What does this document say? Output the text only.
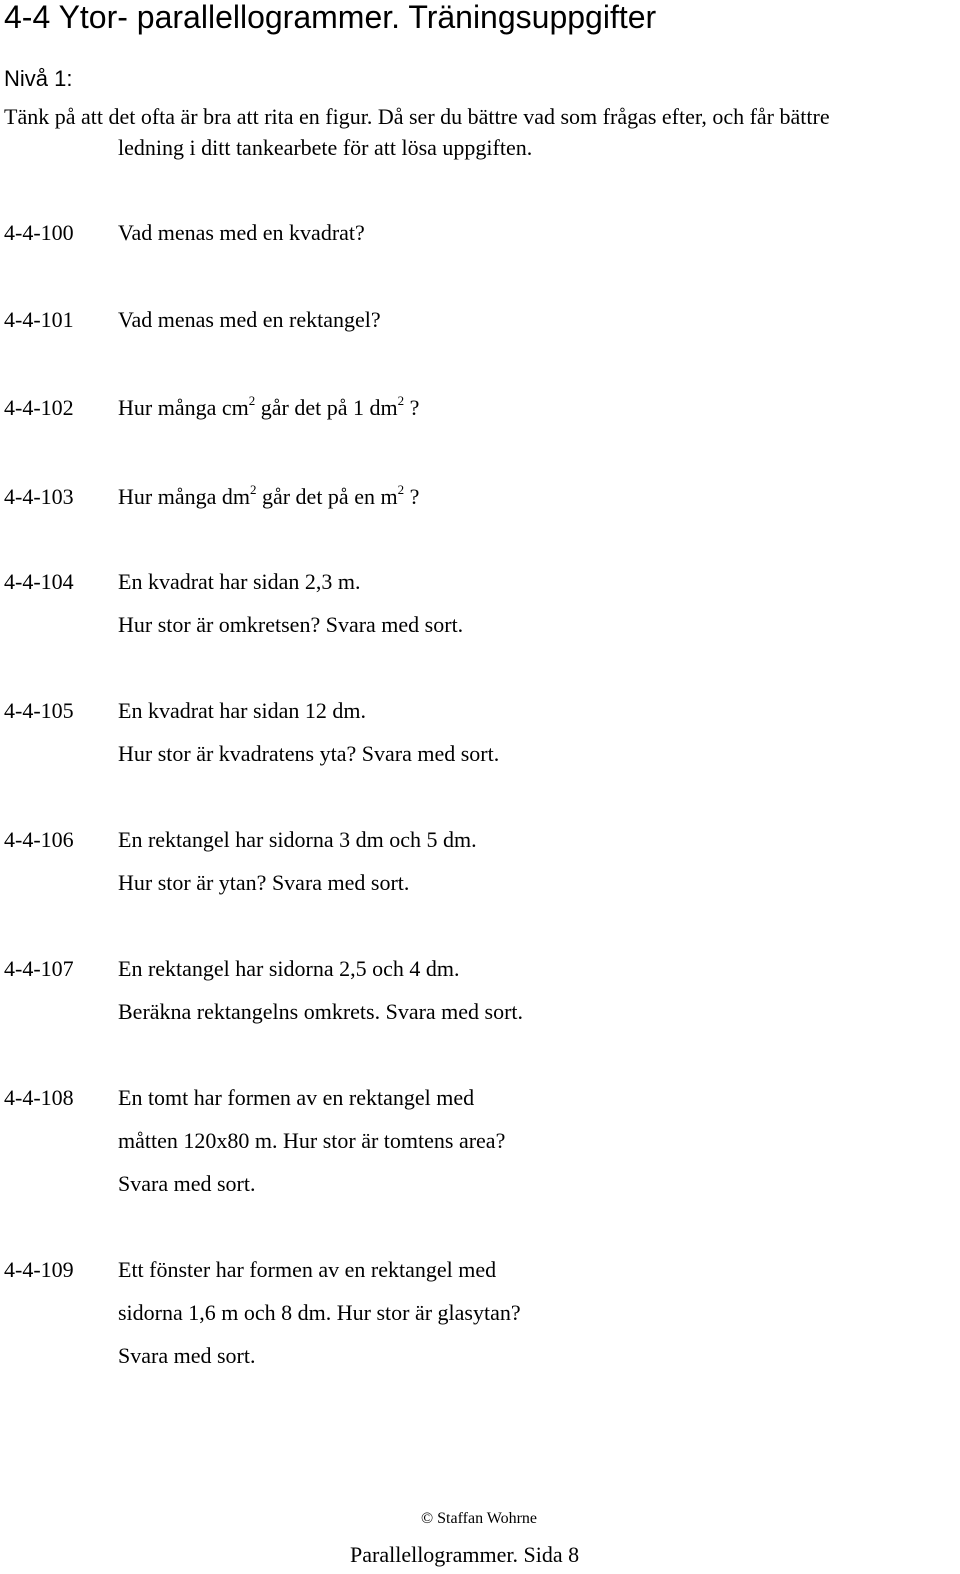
4-4 Ytor- parallellogrammer. Träningsuppgifter
Nivå 1:
Tänk på att det ofta är bra att rita en figur. Då ser du bättre vad som frågas efter, och får bättre
ledning i ditt tankearbete för att lösa uppgiften.
4-4-100 Vad menas med en kvadrat?
4-4-101 Vad menas med en rektangel?
4-4-102 Hur många $cm^2$ går det på 1 $dm^2$ ?
4-4-103 Hur många $dm^2$ går det på en $m^2$ ?
4-4-104 En kvadrat har sidan 2,3 m.
Hur stor är omkretsen? Svara med sort.
4-4-105 En kvadrat har sidan 12 dm.
Hur stor är kvadratens yta? Svara med sort.
4-4-106 En rektangel har sidorna 3 dm och 5 dm.
Hur stor är ytan? Svara med sort.
4-4-107 En rektangel har sidorna 2,5 och 4 dm.
Beräkna rektangelns omkrets. Svara med sort.
4-4-108 En tomt har formen av en rektangel med
måtten 120x80 m. Hur stor är tomtens area?
Svara med sort.
4-4-109 Ett fönster har formen av en rektangel med
sidorna 1,6 m och 8 dm. Hur stor är glasytan?
Svara med sort.
© Staffan Wohrne
Parallellogrammer. Sida 8
